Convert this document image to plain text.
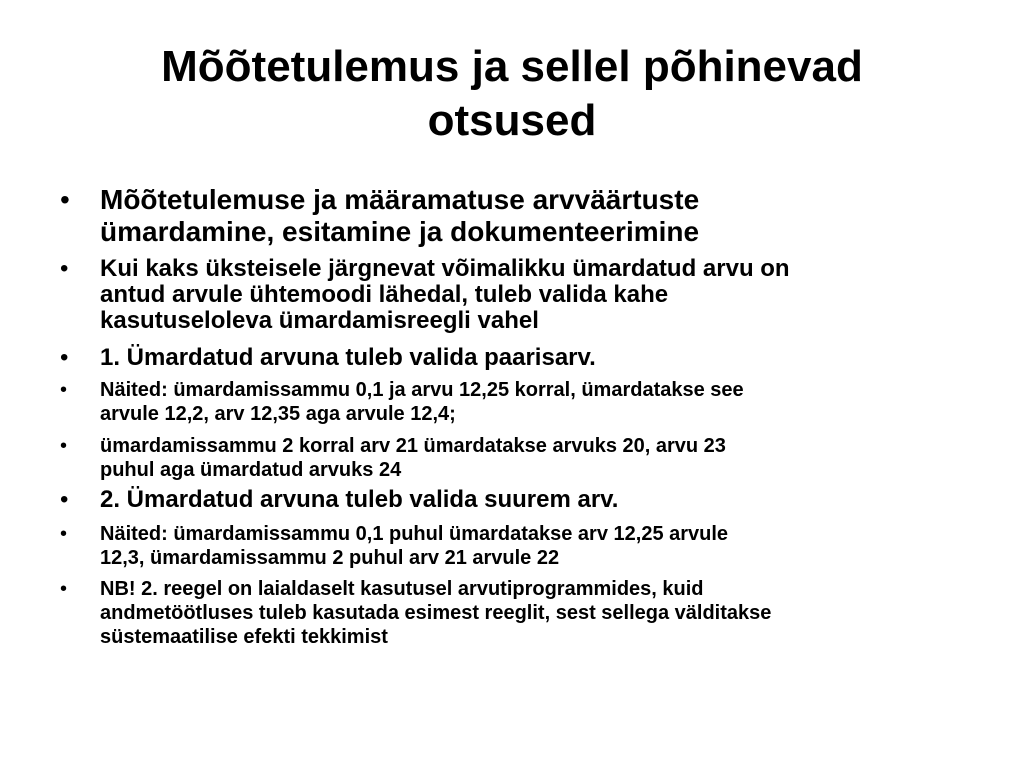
Mõõtetulemus ja sellel põhinevad
otsused
• Mõõtetulemuse ja määramatuse arvväärtuste
ümardamine, esitamine ja dokumenteerimine
• Kui kaks üksteisele järgnevat võimalikku ümardatud arvu on
antud arvule ühtemoodi lähedal, tuleb valida kahe
kasutuseloleva ümardamisreegli vahel
• 1. Ümardatud arvuna tuleb valida paarisarv.
• Näited: ümardamissammu 0,1 ja arvu 12,25 korral, ümardatakse see
arvule 12,2, arv 12,35 aga arvule 12,4;
• ümardamissammu 2 korral arv 21 ümardatakse arvuks 20, arvu 23
puhul aga ümardatud arvuks 24
• 2. Ümardatud arvuna tuleb valida suurem arv.
• Näited: ümardamissammu 0,1 puhul ümardatakse arv 12,25 arvule
12,3, ümardamissammu 2 puhul arv 21 arvule 22
• NB! 2. reegel on laialdaselt kasutusel arvutiprogrammides, kuid
andmetöötluses tuleb kasutada esimest reeglit, sest sellega välditakse
süstemaatilise efekti tekkimist
